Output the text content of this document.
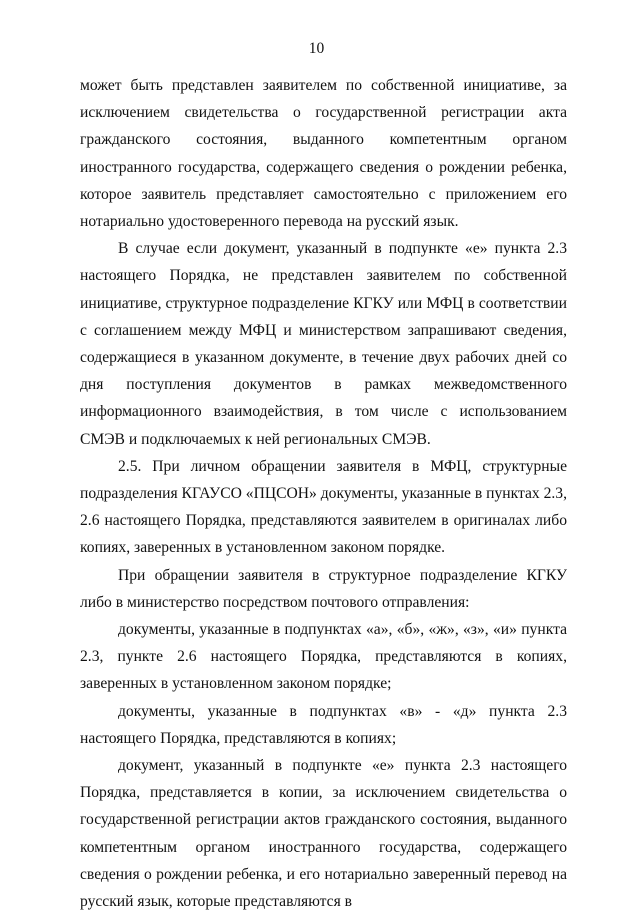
10

может быть представлен заявителем по собственной инициативе, за исключением свидетельства о государственной регистрации акта гражданского состояния, выданного компетентным органом иностранного государства, содержащего сведения о рождении ребенка, которое заявитель представляет самостоятельно с приложением его нотариально удостоверенного перевода на русский язык.

В случае если документ, указанный в подпункте «е» пункта 2.3 настоящего Порядка, не представлен заявителем по собственной инициативе, структурное подразделение КГКУ или МФЦ в соответствии с соглашением между МФЦ и министерством запрашивают сведения, содержащиеся в указанном документе, в течение двух рабочих дней со дня поступления документов в рамках межведомственного информационного взаимодействия, в том числе с использованием СМЭВ и подключаемых к ней региональных СМЭВ.

2.5. При личном обращении заявителя в МФЦ, структурные подразделения КГАУСО «ПЦСОН» документы, указанные в пунктах 2.3, 2.6 настоящего Порядка, представляются заявителем в оригиналах либо копиях, заверенных в установленном законом порядке.

При обращении заявителя в структурное подразделение КГКУ либо в министерство посредством почтового отправления:

документы, указанные в подпунктах «а», «б», «ж», «з», «и» пункта 2.3, пункте 2.6 настоящего Порядка, представляются в копиях, заверенных в установленном законом порядке;

документы, указанные в подпунктах «в» - «д» пункта 2.3 настоящего Порядка, представляются в копиях;

документ, указанный в подпункте «е» пункта 2.3 настоящего Порядка, представляется в копии, за исключением свидетельства о государственной регистрации актов гражданского состояния, выданного компетентным органом иностранного государства, содержащего сведения о рождении ребенка, и его нотариально заверенный перевод на русский язык, которые представляются в
